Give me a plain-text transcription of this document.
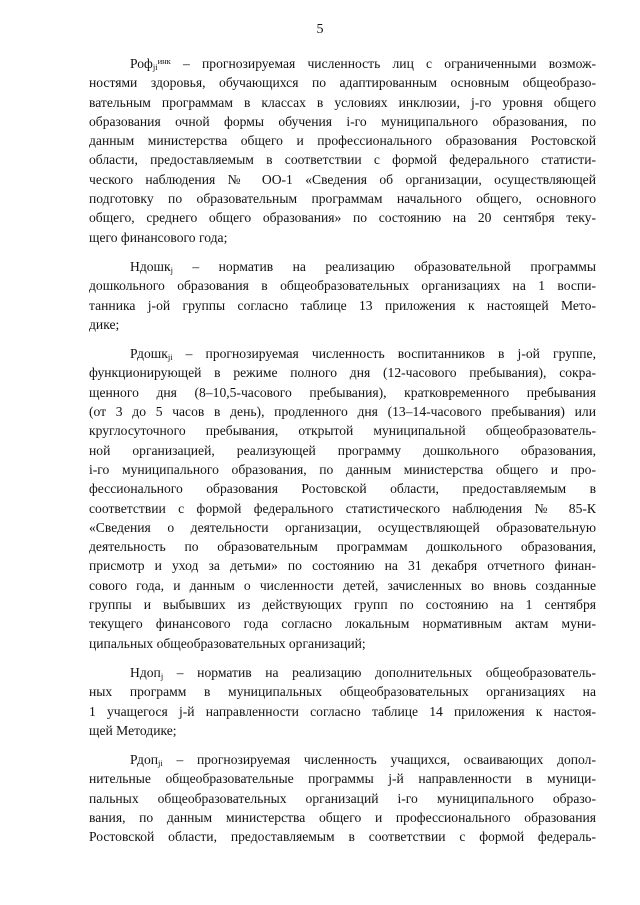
5
Роф$_{ji}^{инк}$ – прогнозируемая численность лиц с ограниченными возмож-
ностями здоровья, обучающихся по адаптированным основным общеобразо-
вательным программам в классах в условиях инклюзии, j-го уровня общего
образования очной формы обучения i-го муниципального образования, по
данным министерства общего и профессионального образования Ростовской
области, предоставляемым в соответствии с формой федерального статисти-
ческого наблюдения № ОО-1 «Сведения об организации, осуществляющей
подготовку по образовательным программам начального общего, основного
общего, среднего общего образования» по состоянию на 20 сентября теку-
щего финансового года;
Ндошк$_j$ – норматив на реализацию образовательной программы
дошкольного образования в общеобразовательных организациях на 1 воспи-
танника j-ой группы согласно таблице 13 приложения к настоящей Мето-
дике;
Рдошк$_{ji}$ – прогнозируемая численность воспитанников в j-ой группе,
функционирующей в режиме полного дня (12-часового пребывания), сокра-
щенного дня (8–10,5-часового пребывания), кратковременного пребывания
(от 3 до 5 часов в день), продленного дня (13–14-часового пребывания) или
круглосуточного пребывания, открытой муниципальной общеобразователь-
ной организацией, реализующей программу дошкольного образования,
i-го муниципального образования, по данным министерства общего и про-
фессионального образования Ростовской области, предоставляемым в
соответствии с формой федерального статистического наблюдения № 85-К
«Сведения о деятельности организации, осуществляющей образовательную
деятельность по образовательным программам дошкольного образования,
присмотр и уход за детьми» по состоянию на 31 декабря отчетного финан-
сового года, и данным о численности детей, зачисленных во вновь созданные
группы и выбывших из действующих групп по состоянию на 1 сентября
текущего финансового года согласно локальным нормативным актам муни-
ципальных общеобразовательных организаций;
Ндоп$_j$ – норматив на реализацию дополнительных общеобразователь-
ных программ в муниципальных общеобразовательных организациях на
1 учащегося j-й направленности согласно таблице 14 приложения к настоя-
щей Методике;
Рдоп$_{ji}$ – прогнозируемая численность учащихся, осваивающих допол-
нительные общеобразовательные программы j-й направленности в муници-
пальных общеобразовательных организаций i-го муниципального образо-
вания, по данным министерства общего и профессионального образования
Ростовской области, предоставляемым в соответствии с формой федераль-
